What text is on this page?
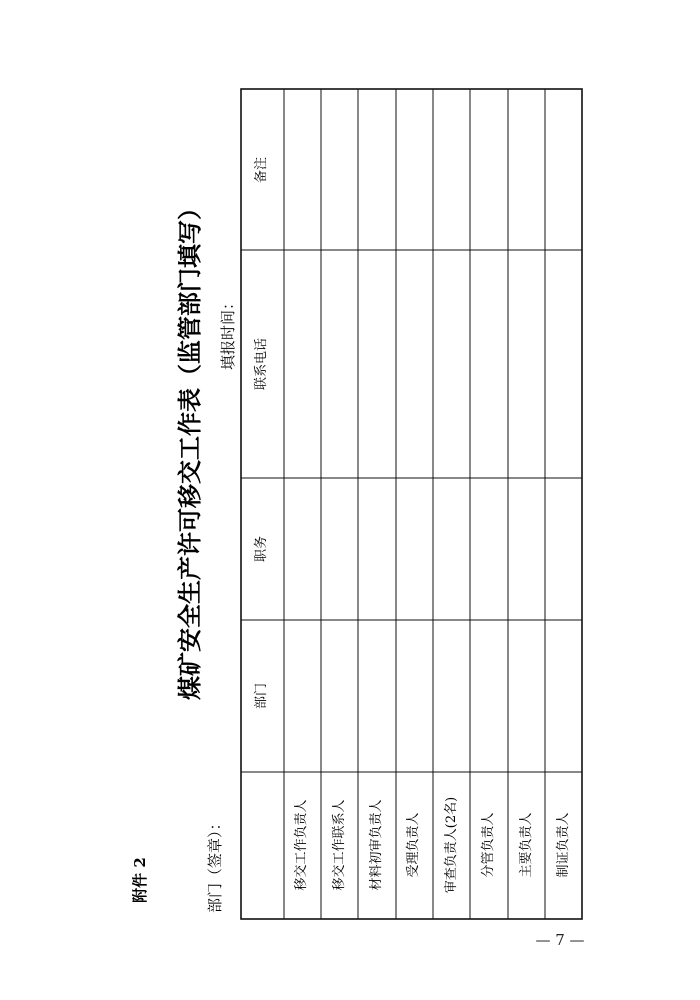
附件 2
煤矿安全生产许可移交工作表（监管部门填写）
部门（签章）：
填报时间：
部门
职务
联系电话
备注
移交工作负责人 移交工作联系人 材料初审负责人 受理负责人 审查负责人(2名) 分管负责人 主要负责人 制证负责人
— 7 —
